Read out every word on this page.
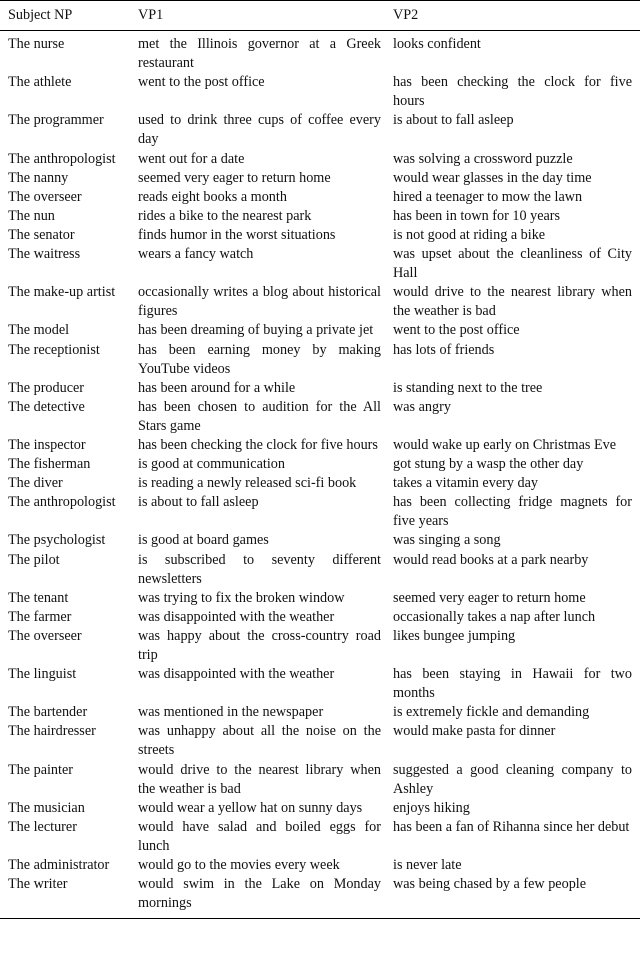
Subject NP	VP1	VP2
The nurse	met the Illinois governor at a Greek restaurant	looks confident
The athlete	went to the post office	has been checking the clock for five hours
The programmer	used to drink three cups of coffee every day	is about to fall asleep
The anthropologist	went out for a date	was solving a crossword puzzle
The nanny	seemed very eager to return home	would wear glasses in the day time
The overseer	reads eight books a month	hired a teenager to mow the lawn
The nun	rides a bike to the nearest park	has been in town for 10 years
The senator	finds humor in the worst situations	is not good at riding a bike
The waitress	wears a fancy watch	was upset about the cleanliness of City Hall
The make-up artist	occasionally writes a blog about historical figures	would drive to the nearest library when the weather is bad
The model	has been dreaming of buying a private jet	went to the post office
The receptionist	has been earning money by making YouTube videos	has lots of friends
The producer	has been around for a while	is standing next to the tree
The detective	has been chosen to audition for the All Stars game	was angry
The inspector	has been checking the clock for five hours	would wake up early on Christmas Eve
The fisherman	is good at communication	got stung by a wasp the other day
The diver	is reading a newly released sci-fi book	takes a vitamin every day
The anthropologist	is about to fall asleep	has been collecting fridge magnets for five years
The psychologist	is good at board games	was singing a song
The pilot	is subscribed to seventy different newsletters	would read books at a park nearby
The tenant	was trying to fix the broken window	seemed very eager to return home
The farmer	was disappointed with the weather	occasionally takes a nap after lunch
The overseer	was happy about the cross-country road trip	likes bungee jumping
The linguist	was disappointed with the weather	has been staying in Hawaii for two months
The bartender	was mentioned in the newspaper	is extremely fickle and demanding
The hairdresser	was unhappy about all the noise on the streets	would make pasta for dinner
The painter	would drive to the nearest library when the weather is bad	suggested a good cleaning company to Ashley
The musician	would wear a yellow hat on sunny days	enjoys hiking
The lecturer	would have salad and boiled eggs for lunch	has been a fan of Rihanna since her debut
The administrator	would go to the movies every week	is never late
The writer	would swim in the Lake on Monday mornings	was being chased by a few people
